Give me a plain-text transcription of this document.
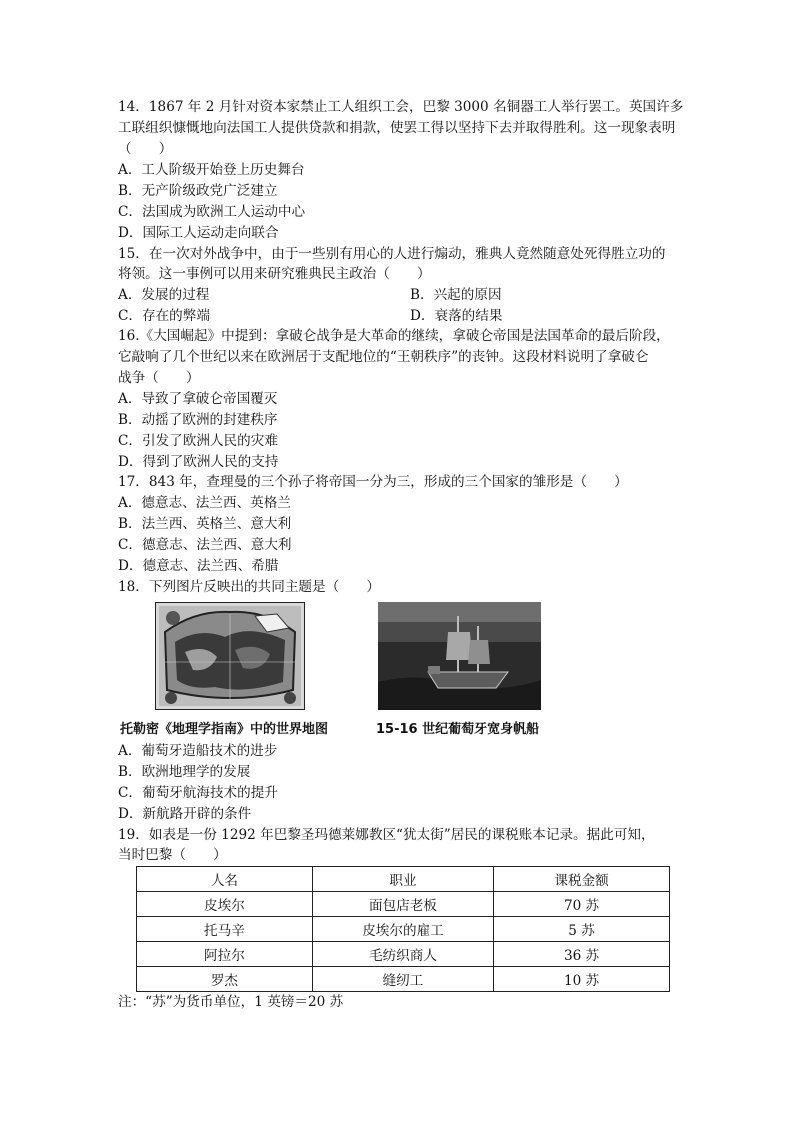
14．1867 年 2 月针对资本家禁止工人组织工会，巴黎 3000 名铜器工人举行罢工。英国许多
工联组织慷慨地向法国工人提供贷款和捐款，使罢工得以坚持下去并取得胜利。这一现象表明
（　　）
A．工人阶级开始登上历史舞台
B．无产阶级政党广泛建立
C．法国成为欧洲工人运动中心
D．国际工人运动走向联合
15．在一次对外战争中，由于一些别有用心的人进行煽动，雅典人竟然随意处死得胜立功的
将领。这一事例可以用来研究雅典民主政治（　　）
A．发展的过程	B．兴起的原因
C．存在的弊端	D．衰落的结果
16.《大国崛起》中提到：拿破仑战争是大革命的继续，拿破仑帝国是法国革命的最后阶段，
它敲响了几个世纪以来在欧洲居于支配地位的“王朝秩序”的丧钟。这段材料说明了拿破仑
战争（　　）
A．导致了拿破仑帝国覆灭
B．动摇了欧洲的封建秩序
C．引发了欧洲人民的灾难
D．得到了欧洲人民的支持
17．843 年，查理曼的三个孙子将帝国一分为三，形成的三个国家的雏形是（　　）
A．德意志、法兰西、英格兰
B．法兰西、英格兰、意大利
C．德意志、法兰西、意大利
D．德意志、法兰西、希腊
18．下列图片反映出的共同主题是（　　）
托勒密《地理学指南》中的世界地图	15-16 世纪葡萄牙宽身帆船
A．葡萄牙造船技术的进步
B．欧洲地理学的发展
C．葡萄牙航海技术的提升
D．新航路开辟的条件
19．如表是一份 1292 年巴黎圣玛德莱娜教区“犹太街”居民的课税账本记录。据此可知，
当时巴黎（　　）
人名	职业	课税金额
皮埃尔	面包店老板	70 苏
托马辛	皮埃尔的雇工	5 苏
阿拉尔	毛纺织商人	36 苏
罗杰	缝纫工	10 苏
注：“苏”为货币单位，1 英镑＝20 苏
